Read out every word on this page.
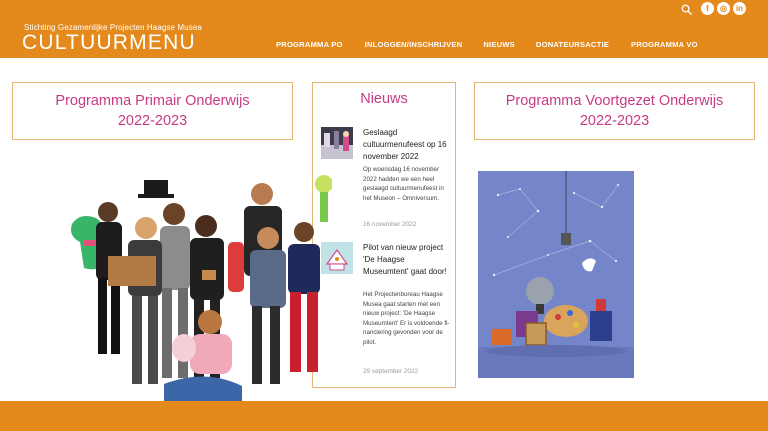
Stichting Gezamenlijke Projecten Haagse Musea
CULTUURMENU	PROGRAMMA PO	INLOGGEN/INSCHRIJVEN	NIEUWS	DONATEURSACTIE	PROGRAMMA VO
f	◎	in
Programma Primair Onderwijs
2022-2023
Programma Voortgezet Onderwijs
2022-2023
Nieuws
Geslaagd cultuurmenufeest op 16 november 2022
Op woensdag 16 november 2022 hadden we een heel geslaagd cultuurmenufeest in het Museon – Omniversum.
16 november 2022
Pilot van nieuw project 'De Haagse Museumtent' gaat door!
Het Projectenbureau Haagse Musea gaat starten met een nieuw project: 'De Haagse Museumtent' Er is voldoende financiering gevonden voor de pilot.
29 september 2022
